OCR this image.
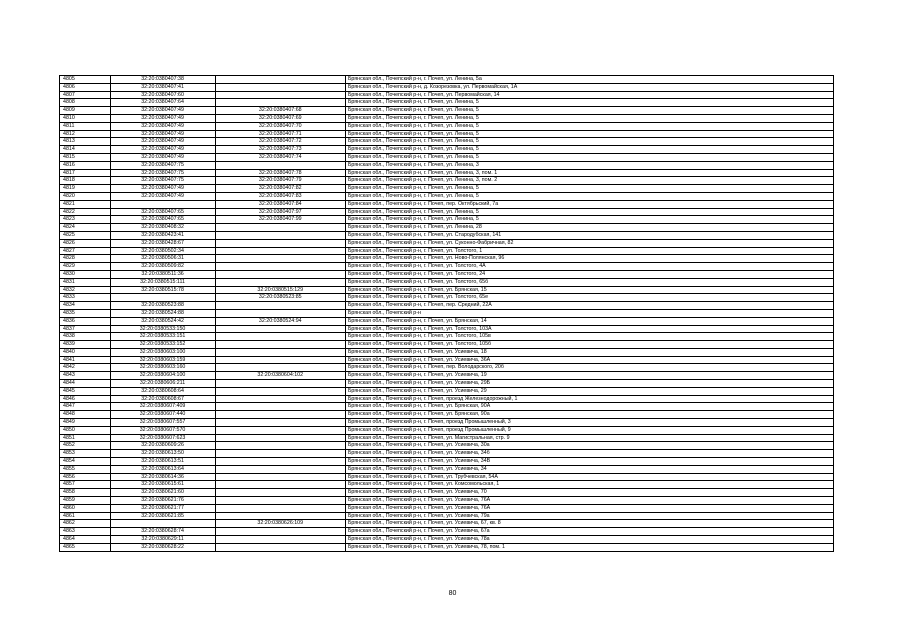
4805	32:20:0380407:38		Брянская обл., Почепский р-н, г. Почеп, ул. Ленина, 5а
4806	32:20:0380407:41		Брянская обл., Почепский р-н, д. Козорезовка, ул. Первомайская, 1А
4807	32:20:0380407:60		Брянская обл., Почепский р-н, г. Почеп, ул. Первомайская, 14
4808	32:20:0380407:64		Брянская обл., Почепский р-н, г. Почеп, ул. Ленина, 5
4809	32:20:0380407:49	32:20:0380407:68	Брянская обл., Почепский р-н, г. Почеп, ул. Ленина, 5
4810	32:20:0380407:49	32:20:0380407:69	Брянская обл., Почепский р-н, г. Почеп, ул. Ленина, 5
4811	32:20:0380407:49	32:20:0380407:70	Брянская обл., Почепский р-н, г. Почеп, ул. Ленина, 5
4812	32:20:0380407:49	32:20:0380407:71	Брянская обл., Почепский р-н, г. Почеп, ул. Ленина, 5
4813	32:20:0380407:49	32:20:0380407:72	Брянская обл., Почепский р-н, г. Почеп, ул. Ленина, 5
4814	32:20:0380407:49	32:20:0380407:73	Брянская обл., Почепский р-н, г. Почеп, ул. Ленина, 5
4815	32:20:0380407:49	32:20:0380407:74	Брянская обл., Почепский р-н, г. Почеп, ул. Ленина, 5
4816	32:20:0380407:75		Брянская обл., Почепский р-н, г. Почеп, ул. Ленина, 3
4817	32:20:0380407:75	32:20:0380407:78	Брянская обл., Почепский р-н, г. Почеп, ул. Ленина, 3, пом. 1
4818	32:20:0380407:75	32:20:0380407:79	Брянская обл., Почепский р-н, г. Почеп, ул. Ленина, 3, пом. 2
4819	32:20:0380407:49	32:20:0380407:82	Брянская обл., Почепский р-н, г. Почеп, ул. Ленина, 5
4820	32:20:0380407:49	32:20:0380407:83	Брянская обл., Почепский р-н, г. Почеп, ул. Ленина, 5
4821		32:20:0380407:84	Брянская обл., Почепский р-н, г. Почеп, пер. Октябрьский, 7а
4822	32:20:0380407:65	32:20:0380407:97	Брянская обл., Почепский р-н, г. Почеп, ул. Ленина, 5
4823	32:20:0380407:65	32:20:0380407:99	Брянская обл., Почепский р-н, г. Почеп, ул. Ленина, 5
4824	32:20:0380408:32		Брянская обл., Почепский р-н, г. Почеп, ул. Ленина, 28
4825	32:20:0380423:41		Брянская обл., Почепский р-н, г. Почеп, ул. Стародубская, 141
4826	32:20:0380428:67		Брянская обл., Почепский р-н, г. Почеп, ул. Суконно-Фабричная, 82
4827	32:20:0380502:34		Брянская обл., Почепский р-н, г. Почеп, ул. Толстого, 1
4828	32:20:0380506:31		Брянская обл., Почепский р-н, г. Почеп, ул. Ново-Полянская, 96
4829	32:20:0380509:82		Брянская обл., Почепский р-н, г. Почеп, ул. Толстого, 4А
4830	32:20:0380511:36		Брянская обл., Почепский р-н, г. Почеп, ул. Толстого, 24
4831	32:20:0380515:111		Брянская обл., Почепский р-н, г. Почеп, ул. Толстого, 65б
4832	32:20:0380515:78	32:20:0380515:129	Брянская обл., Почепский р-н, г. Почеп, ул. Брянская, 15
4833		32:20:0380523:85	Брянская обл., Почепский р-н, г. Почеп, ул. Толстого, 65е
4834	32:20:0380523:88		Брянская обл., Почепский р-н, г. Почеп, пер. Средний, 22А
4835	32:20:0380524:88		Брянская обл., Почепский р-н
4836	32:20:0380524:42	32:20:0380524:94	Брянская обл., Почепский р-н, г. Почеп, ул. Брянская, 14
4837	32:20:0380533:150		Брянская обл., Почепский р-н, г. Почеп, ул. Толстого, 103А
4838	32:20:0380533:151		Брянская обл., Почепский р-н, г. Почеп, ул. Толстого, 105в
4839	32:20:0380533:152		Брянская обл., Почепский р-н, г. Почеп, ул. Толстого, 105б
4840	32:20:0380603:100		Брянская обл., Почепский р-н, г. Почеп, ул. Усиевича, 18
4841	32:20:0380603:159		Брянская обл., Почепский р-н, г. Почеп, ул. Усиевича, 36А
4842	32:20:0380603:160		Брянская обл., Почепский р-н, г. Почеп, пер. Володарского, 20б
4843	32:20:0380604:100	32:20:0380604:102	Брянская обл., Почепский р-н, г. Почеп, ул. Усиевича, 19
4844	32:20:0380606:211		Брянская обл., Почепский р-н, г. Почеп, ул. Усиевича, 29Б
4845	32:20:0380608:64		Брянская обл., Почепский р-н, г. Почеп, ул. Усиевича, 29
4846	32:20:0380608:67		Брянская обл., Почепский р-н, г. Почеп, проезд Железнодорожный, 1
4847	32:20:0380607:409		Брянская обл., Почепский р-н, г. Почеп, ул. Брянская, 90А
4848	32:20:0380607:440		Брянская обл., Почепский р-н, г. Почеп, ул. Брянская, 90а
4849	32:20:0380607:557		Брянская обл., Почепский р-н, г. Почеп, проезд Промышленный, 3
4850	32:20:0380607:570		Брянская обл., Почепский р-н, г. Почеп, проезд Промышленный, 9
4851	32:20:0380607:623		Брянская обл., Почепский р-н, г. Почеп, ул. Магистральная, стр. 9
4852	32:20:0380609:26		Брянская обл., Почепский р-н, г. Почеп, ул. Усиевича, 30а
4853	32:20:0380613:50		Брянская обл., Почепский р-н, г. Почеп, ул. Усиевича, 34б
4854	32:20:0380613:51		Брянская обл., Почепский р-н, г. Почеп, ул. Усиевича, 34В
4855	32:20:0380613:64		Брянская обл., Почепский р-н, г. Почеп, ул. Усиевича, 34
4856	32:20:0380614:36		Брянская обл., Почепский р-н, г. Почеп, ул. Трубчевская, 54А
4857	32:20:0380615:61		Брянская обл., Почепский р-н, г. Почеп, ул. Комсомольская, 1
4858	32:20:0380621:60		Брянская обл., Почепский р-н, г. Почеп, ул. Усиевича, 70
4859	32:20:0380621:76		Брянская обл., Почепский р-н, г. Почеп, ул. Усиевича, 76А
4860	32:20:0380621:77		Брянская обл., Почепский р-н, г. Почеп, ул. Усиевича, 76А
4861	32:20:0380621:85		Брянская обл., Почепский р-н, г. Почеп, ул. Усиевича, 79а
4862		32:20:0380626:109	Брянская обл., Почепский р-н, г. Почеп, ул. Усиевича, 67, кв. 8
4863	32:20:0380628:74		Брянская обл., Почепский р-н, г. Почеп, ул. Усиевича, 67а
4864	32:20:0380629:11		Брянская обл., Почепский р-н, г. Почеп, ул. Усиевича, 78а
4865	32:20:0380628:22		Брянская обл., Почепский р-н, г. Почеп, ул. Усиевича, 78, пом. 1
80
